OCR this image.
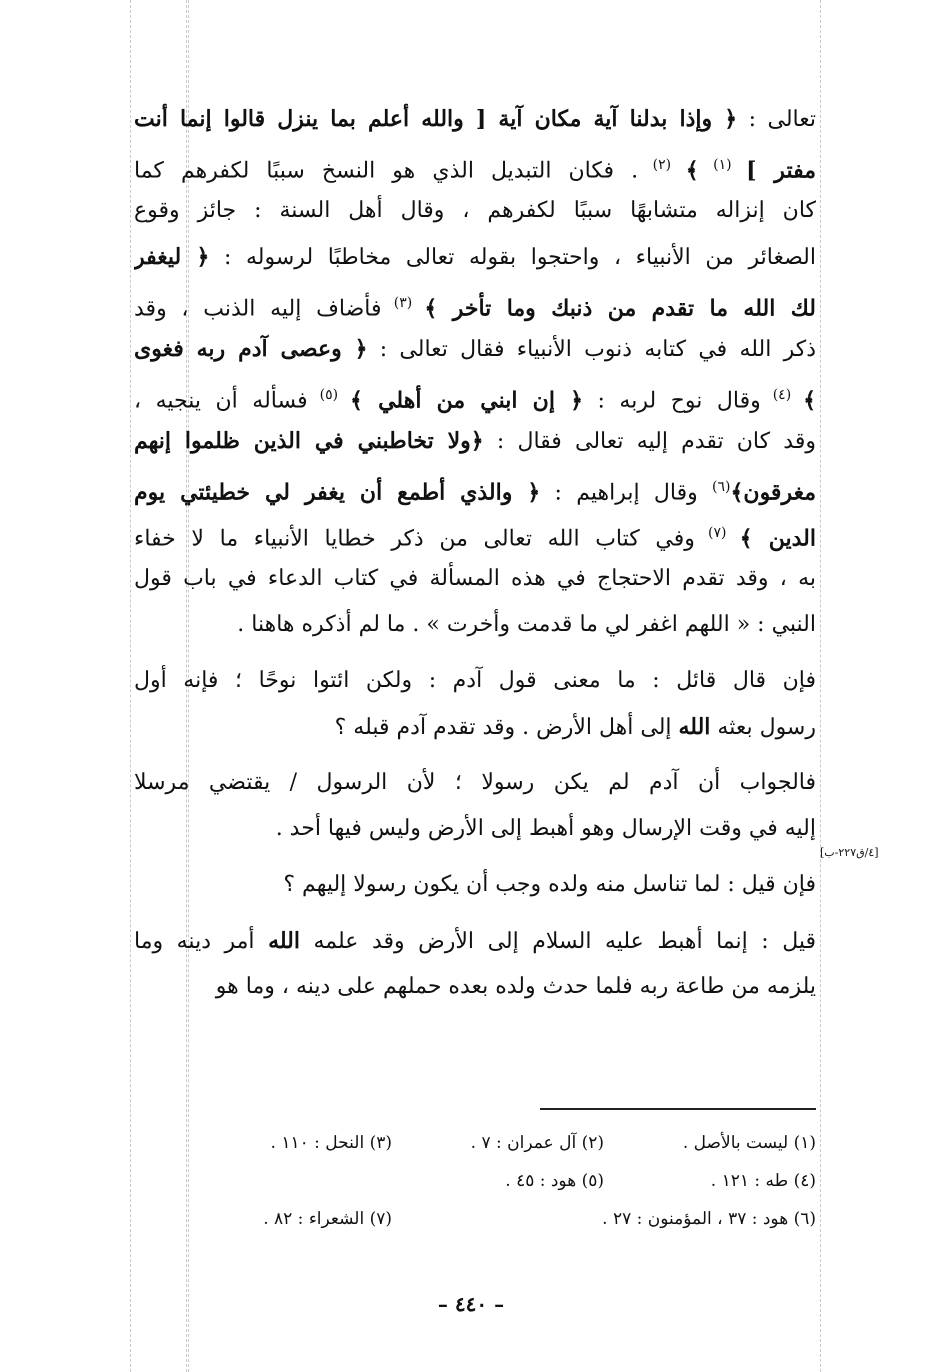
تعالى : ﴿ وإذا بدلنا آية مكان آية [ والله أعلم بما ينزل قالوا إنما أنت
مفتر ] $^{(١)}$ ﴾ $^{(٢)}$ . فكان التبديل الذي هو النسخ سببًا لكفرهم كما
كان إنزاله متشابهًا سببًا لكفرهم ، وقال أهل السنة : جائز وقوع
الصغائر من الأنبياء ، واحتجوا بقوله تعالى مخاطبًا لرسوله : ﴿ ليغفر
لك الله ما تقدم من ذنبك وما تأخر ﴾ $^{(٣)}$ فأضاف إليه الذنب ، وقد
ذكر الله في كتابه ذنوب الأنبياء فقال تعالى : ﴿ وعصى آدم ربه فغوى
﴾ $^{(٤)}$ وقال نوح لربه : ﴿ إن ابني من أهلي ﴾ $^{(٥)}$ فسأله أن ينجيه ،
وقد كان تقدم إليه تعالى فقال : ﴿ولا تخاطبني في الذين ظلموا إنهم
مغرقون﴾$^{(٦)}$ وقال إبراهيم : ﴿ والذي أطمع أن يغفر لي خطيئتي يوم
الدين ﴾ $^{(٧)}$ وفي كتاب الله تعالى من ذكر خطايا الأنبياء ما لا خفاء
به ، وقد تقدم الاحتجاج في هذه المسألة في كتاب الدعاء في باب قول
النبي : « اللهم اغفر لي ما قدمت وأخرت » . ما لم أذكره هاهنا .
فإن قال قائل : ما معنى قول آدم : ولكن ائتوا نوحًا ؛ فإنه أول
رسول بعثه الله إلى أهل الأرض . وقد تقدم آدم قبله ؟
فالجواب أن آدم لم يكن رسولا ؛ لأن الرسول / يقتضي مرسلا
إليه في وقت الإرسال وهو أهبط إلى الأرض وليس فيها أحد .
فإن قيل : لما تناسل منه ولده وجب أن يكون رسولا إليهم ؟
قيل : إنما أهبط عليه السلام إلى الأرض وقد علمه الله أمر دينه وما
يلزمه من طاعة ربه فلما حدث ولده بعده حملهم على دينه ، وما هو
[٤/ق٢٢٧-ب]
(١) ليست بالأصل .
(٢) آل عمران : ٧ .
(٣) النحل : ١١٠ .
(٤) طه : ١٢١ .
(٥) هود : ٤٥ .
(٦) هود : ٣٧ ، المؤمنون : ٢٧ .
(٧) الشعراء : ٨٢ .
– ٤٤٠ –
